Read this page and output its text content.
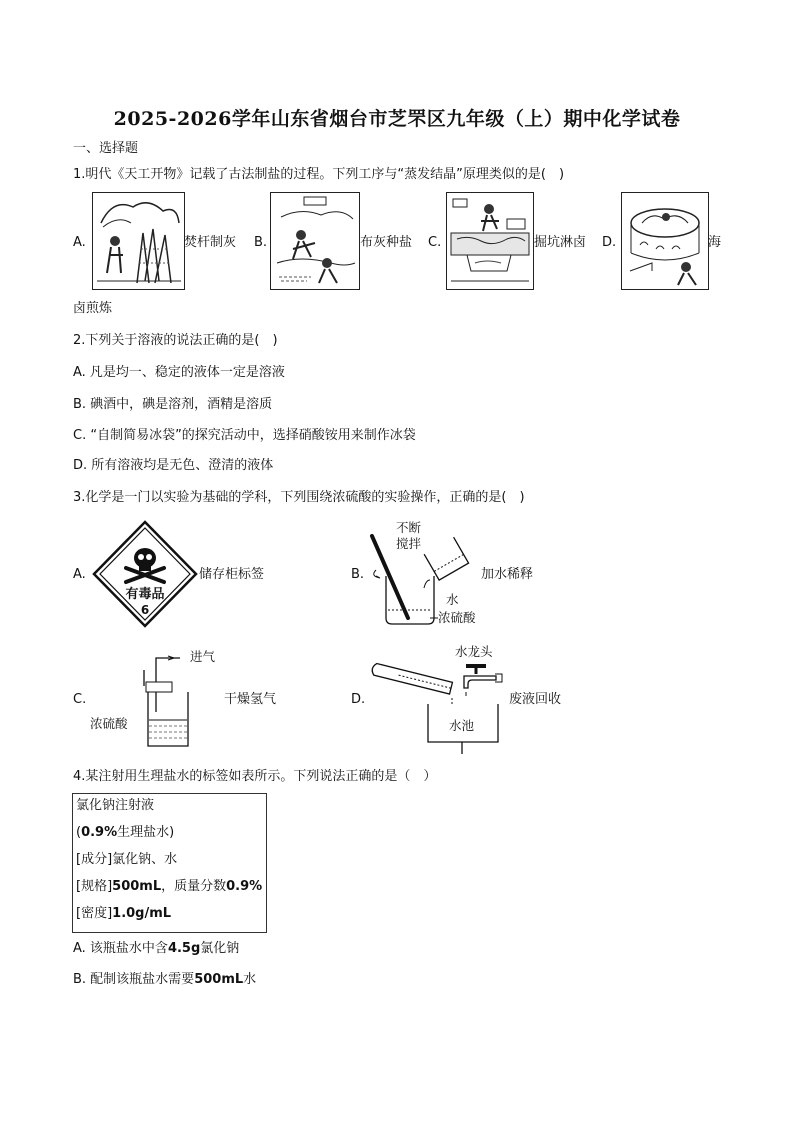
2025-2026学年山东省烟台市芝罘区九年级（上）期中化学试卷
一、选择题
1.明代《天工开物》记载了古法制盐的过程。下列工序与“蒸发结晶”原理类似的是(　)
A.	焚杆制灰 B.	布灰种盐 C.	掘坑淋卤 D.	海
卤煎炼
2.下列关于溶液的说法正确的是(　)
A. 凡是均一、稳定的液体一定是溶液
B. 碘酒中，碘是溶剂，酒精是溶质
C. “自制简易冰袋”的探究活动中，选择硝酸铵用来制作冰袋
D. 所有溶液均是无色、澄清的液体
3.化学是一门以实验为基础的学科，下列围绕浓硫酸的实验操作，正确的是(　)
A.
有毒品
6
储存柜标签	B.
不断
搅拌
水
浓硫酸
加水稀释
C.
进气
浓硫酸
干燥氢气	D.
水龙头
水池
废液回收
4.某注射用生理盐水的标签如表所示。下列说法正确的是（　）
氯化钠注射液
(0.9%生理盐水)
[成分]氯化钠、水
[规格]500mL，质量分数0.9%
[密度]1.0g/mL
A. 该瓶盐水中含4.5g氯化钠
B. 配制该瓶盐水需要500mL水
